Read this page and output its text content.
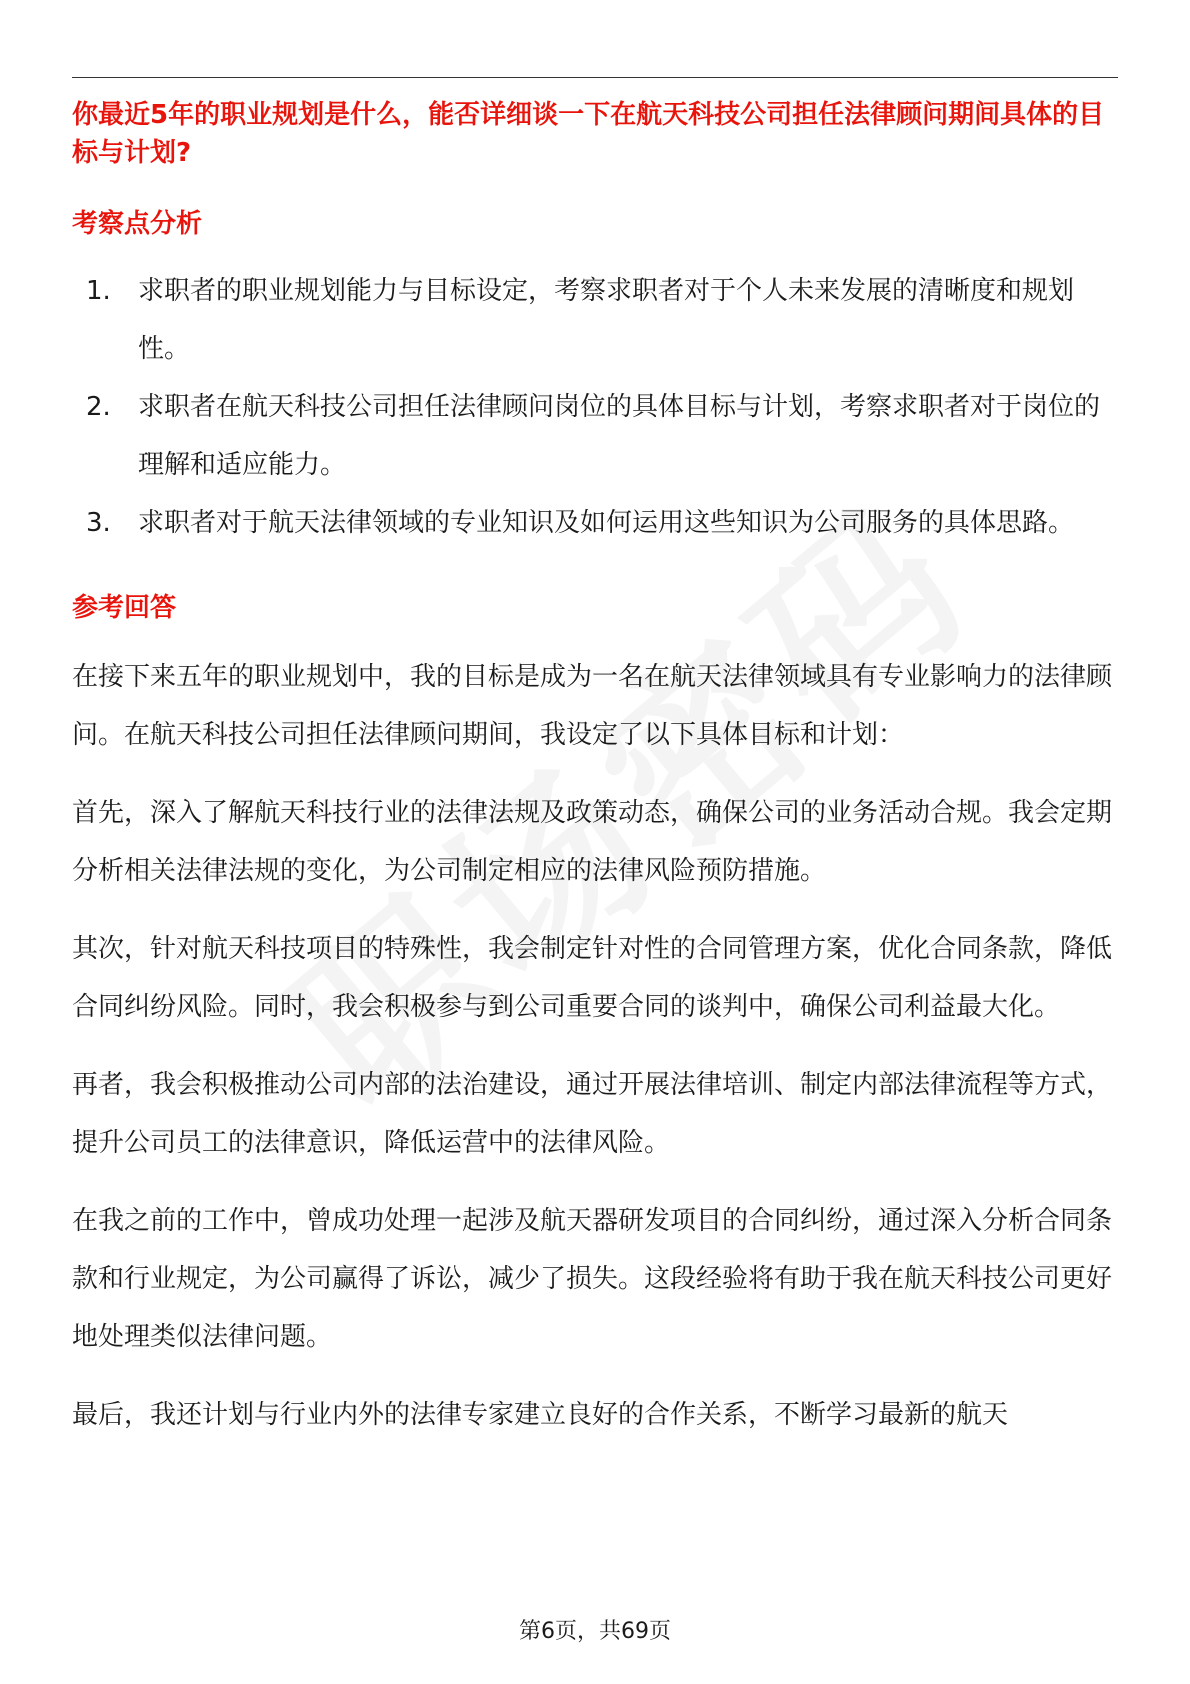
你最近5年的职业规划是什么，能否详细谈一下在航天科技公司担任法律顾问期间具体的目标与计划?
考察点分析
1.	求职者的职业规划能力与目标设定，考察求职者对于个人未来发展的清晰度和规划性。
2.	求职者在航天科技公司担任法律顾问岗位的具体目标与计划，考察求职者对于岗位的理解和适应能力。
3.	求职者对于航天法律领域的专业知识及如何运用这些知识为公司服务的具体思路。
参考回答

在接下来五年的职业规划中，我的目标是成为一名在航天法律领域具有专业影响力的法律顾问。在航天科技公司担任法律顾问期间，我设定了以下具体目标和计划：

首先，深入了解航天科技行业的法律法规及政策动态，确保公司的业务活动合规。我会定期分析相关法律法规的变化，为公司制定相应的法律风险预防措施。

其次，针对航天科技项目的特殊性，我会制定针对性的合同管理方案，优化合同条款，降低合同纠纷风险。同时，我会积极参与到公司重要合同的谈判中，确保公司利益最大化。

再者，我会积极推动公司内部的法治建设，通过开展法律培训、制定内部法律流程等方式，提升公司员工的法律意识，降低运营中的法律风险。

在我之前的工作中，曾成功处理一起涉及航天器研发项目的合同纠纷，通过深入分析合同条款和行业规定，为公司赢得了诉讼，减少了损失。这段经验将有助于我在航天科技公司更好地处理类似法律问题。

最后，我还计划与行业内外的法律专家建立良好的合作关系，不断学习最新的航天

第6页，共69页
